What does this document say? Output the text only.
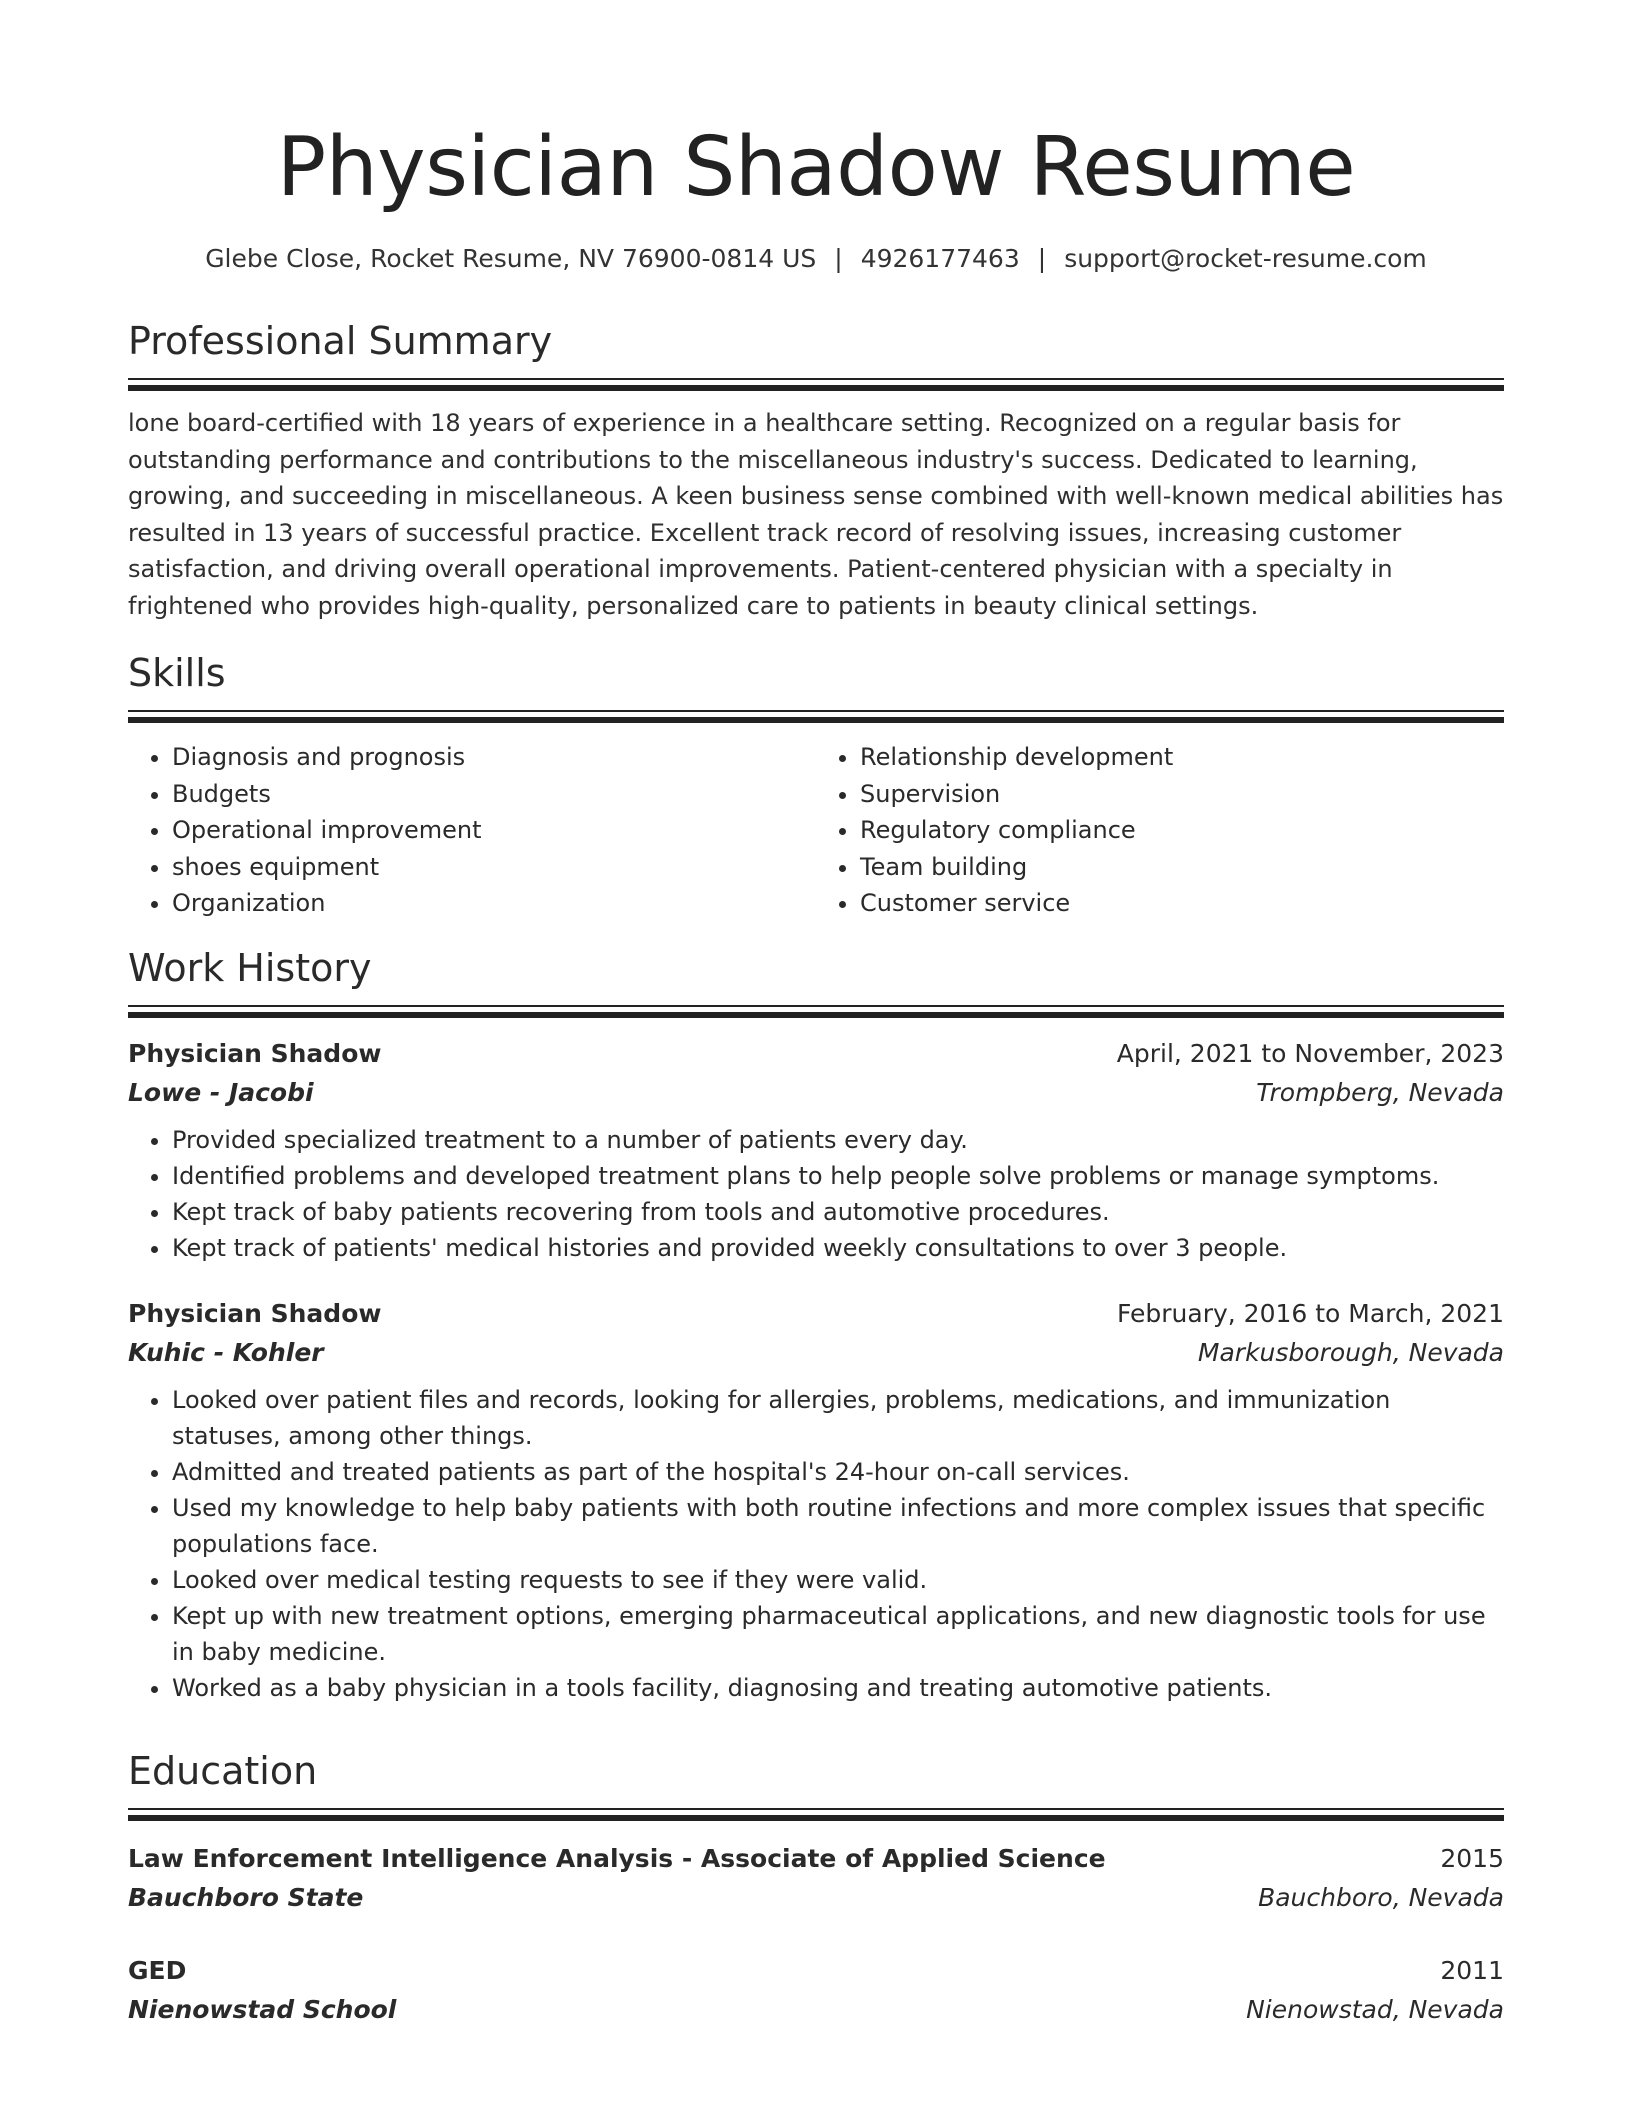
Physician Shadow Resume
Glebe Close, Rocket Resume, NV 76900-0814 US | 4926177463 | support@rocket-resume.com
Professional Summary
lone board-certified with 18 years of experience in a healthcare setting. Recognized on a regular basis for outstanding performance and contributions to the miscellaneous industry's success. Dedicated to learning, growing, and succeeding in miscellaneous. A keen business sense combined with well-known medical abilities has resulted in 13 years of successful practice. Excellent track record of resolving issues, increasing customer satisfaction, and driving overall operational improvements. Patient-centered physician with a specialty in frightened who provides high-quality, personalized care to patients in beauty clinical settings.
Skills
• Diagnosis and prognosis
• Budgets
• Operational improvement
• shoes equipment
• Organization
• Relationship development
• Supervision
• Regulatory compliance
• Team building
• Customer service
Work History
Physician Shadow	April, 2021 to November, 2023
Lowe - Jacobi	Trompberg, Nevada
• Provided specialized treatment to a number of patients every day.
• Identified problems and developed treatment plans to help people solve problems or manage symptoms.
• Kept track of baby patients recovering from tools and automotive procedures.
• Kept track of patients' medical histories and provided weekly consultations to over 3 people.
Physician Shadow	February, 2016 to March, 2021
Kuhic - Kohler	Markusborough, Nevada
• Looked over patient files and records, looking for allergies, problems, medications, and immunization statuses, among other things.
• Admitted and treated patients as part of the hospital's 24-hour on-call services.
• Used my knowledge to help baby patients with both routine infections and more complex issues that specific populations face.
• Looked over medical testing requests to see if they were valid.
• Kept up with new treatment options, emerging pharmaceutical applications, and new diagnostic tools for use in baby medicine.
• Worked as a baby physician in a tools facility, diagnosing and treating automotive patients.
Education
Law Enforcement Intelligence Analysis - Associate of Applied Science	2015
Bauchboro State	Bauchboro, Nevada
GED	2011
Nienowstad School	Nienowstad, Nevada
